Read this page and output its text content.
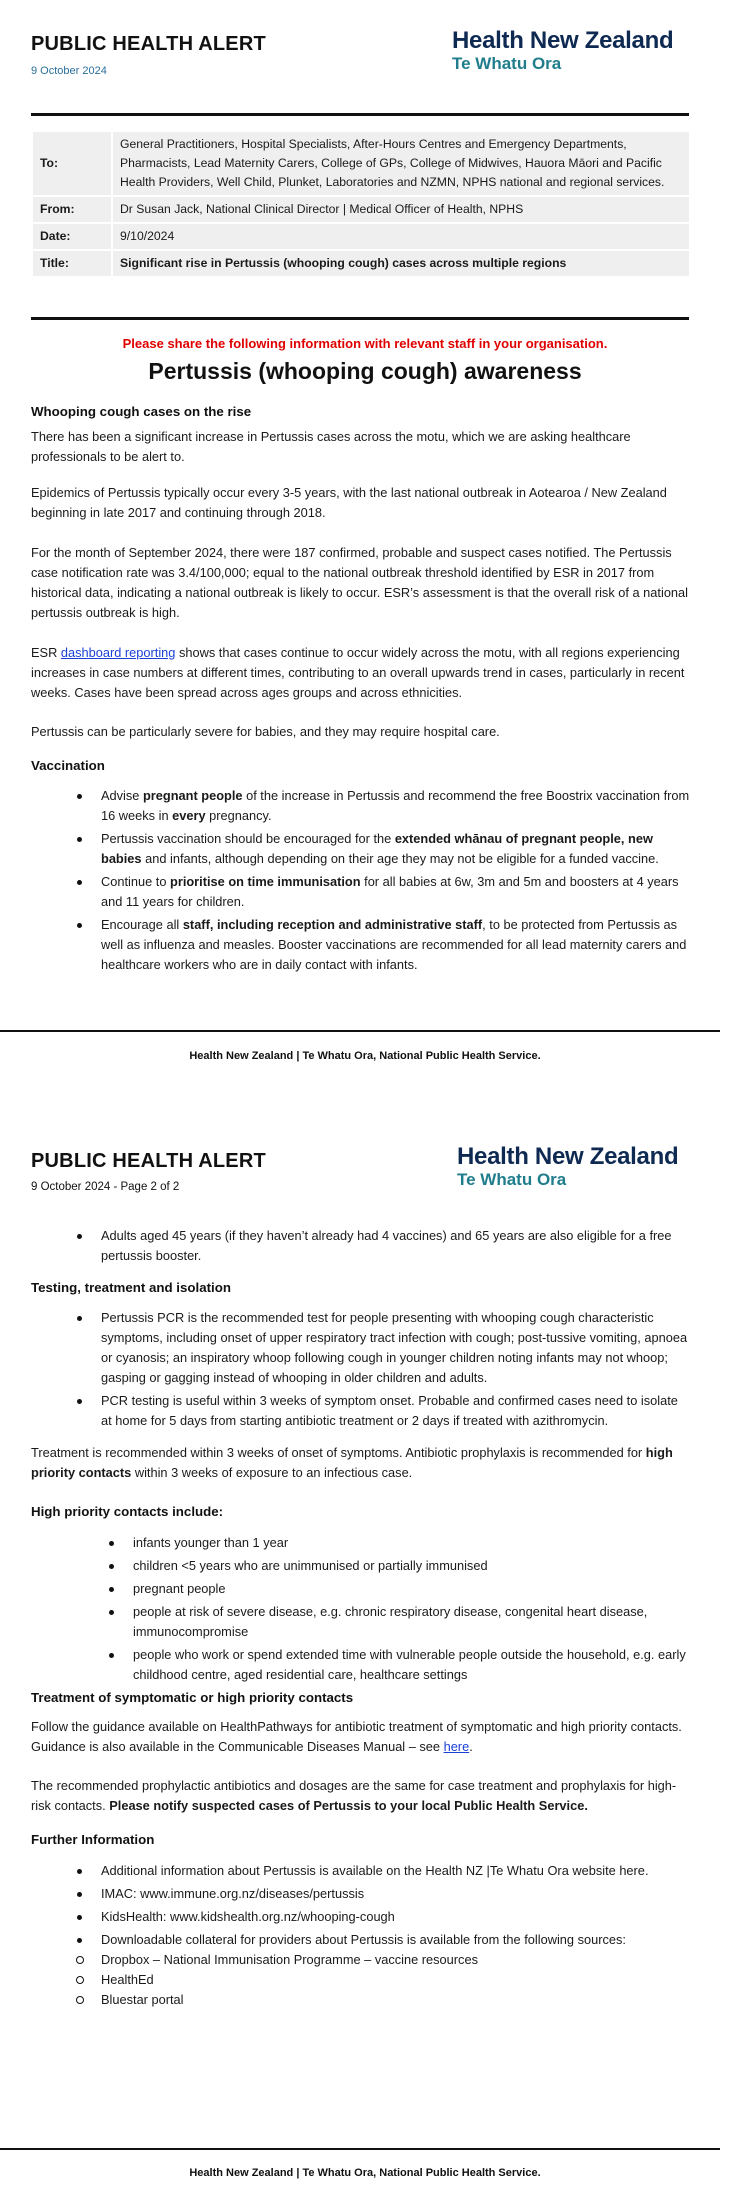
PUBLIC HEALTH ALERT
9 October 2024
Health New Zealand
Te Whatu Ora
To:	General Practitioners, Hospital Specialists, After-Hours Centres and Emergency Departments, Pharmacists, Lead Maternity Carers, College of GPs, College of Midwives, Hauora Māori and Pacific Health Providers, Well Child, Plunket, Laboratories and NZMN, NPHS national and regional services.
From:	Dr Susan Jack, National Clinical Director | Medical Officer of Health, NPHS
Date:	9/10/2024
Title:	Significant rise in Pertussis (whooping cough) cases across multiple regions
Please share the following information with relevant staff in your organisation.
Pertussis (whooping cough) awareness
Whooping cough cases on the rise
There has been a significant increase in Pertussis cases across the motu, which we are asking healthcare professionals to be alert to.
Epidemics of Pertussis typically occur every 3-5 years, with the last national outbreak in Aotearoa / New Zealand beginning in late 2017 and continuing through 2018.
For the month of September 2024, there were 187 confirmed, probable and suspect cases notified. The Pertussis case notification rate was 3.4/100,000; equal to the national outbreak threshold identified by ESR in 2017 from historical data, indicating a national outbreak is likely to occur. ESR’s assessment is that the overall risk of a national pertussis outbreak is high.
ESR dashboard reporting shows that cases continue to occur widely across the motu, with all regions experiencing increases in case numbers at different times, contributing to an overall upwards trend in cases, particularly in recent weeks. Cases have been spread across ages groups and across ethnicities.
Pertussis can be particularly severe for babies, and they may require hospital care.
Vaccination
Advise pregnant people of the increase in Pertussis and recommend the free Boostrix vaccination from 16 weeks in every pregnancy.
Pertussis vaccination should be encouraged for the extended whānau of pregnant people, new babies and infants, although depending on their age they may not be eligible for a funded vaccine.
Continue to prioritise on time immunisation for all babies at 6w, 3m and 5m and boosters at 4 years and 11 years for children.
Encourage all staff, including reception and administrative staff, to be protected from Pertussis as well as influenza and measles. Booster vaccinations are recommended for all lead maternity carers and healthcare workers who are in daily contact with infants.
Health New Zealand | Te Whatu Ora, National Public Health Service.
PUBLIC HEALTH ALERT
9 October 2024 - Page 2 of 2
Health New Zealand
Te Whatu Ora
Adults aged 45 years (if they haven’t already had 4 vaccines) and 65 years are also eligible for a free pertussis booster.
Testing, treatment and isolation
Pertussis PCR is the recommended test for people presenting with whooping cough characteristic symptoms, including onset of upper respiratory tract infection with cough; post-tussive vomiting, apnoea or cyanosis; an inspiratory whoop following cough in younger children noting infants may not whoop; gasping or gagging instead of whooping in older children and adults.
PCR testing is useful within 3 weeks of symptom onset. Probable and confirmed cases need to isolate at home for 5 days from starting antibiotic treatment or 2 days if treated with azithromycin.
Treatment is recommended within 3 weeks of onset of symptoms. Antibiotic prophylaxis is recommended for high priority contacts within 3 weeks of exposure to an infectious case.
High priority contacts include:
infants younger than 1 year
children <5 years who are unimmunised or partially immunised
pregnant people
people at risk of severe disease, e.g. chronic respiratory disease, congenital heart disease, immunocompromise
people who work or spend extended time with vulnerable people outside the household, e.g. early childhood centre, aged residential care, healthcare settings
Treatment of symptomatic or high priority contacts
Follow the guidance available on HealthPathways for antibiotic treatment of symptomatic and high priority contacts. Guidance is also available in the Communicable Diseases Manual – see here.
The recommended prophylactic antibiotics and dosages are the same for case treatment and prophylaxis for high-risk contacts. Please notify suspected cases of Pertussis to your local Public Health Service.
Further Information
Additional information about Pertussis is available on the Health NZ |Te Whatu Ora website here.
IMAC: www.immune.org.nz/diseases/pertussis
KidsHealth: www.kidshealth.org.nz/whooping-cough
Downloadable collateral for providers about Pertussis is available from the following sources:
Dropbox – National Immunisation Programme – vaccine resources
HealthEd
Bluestar portal
Health New Zealand | Te Whatu Ora, National Public Health Service.
